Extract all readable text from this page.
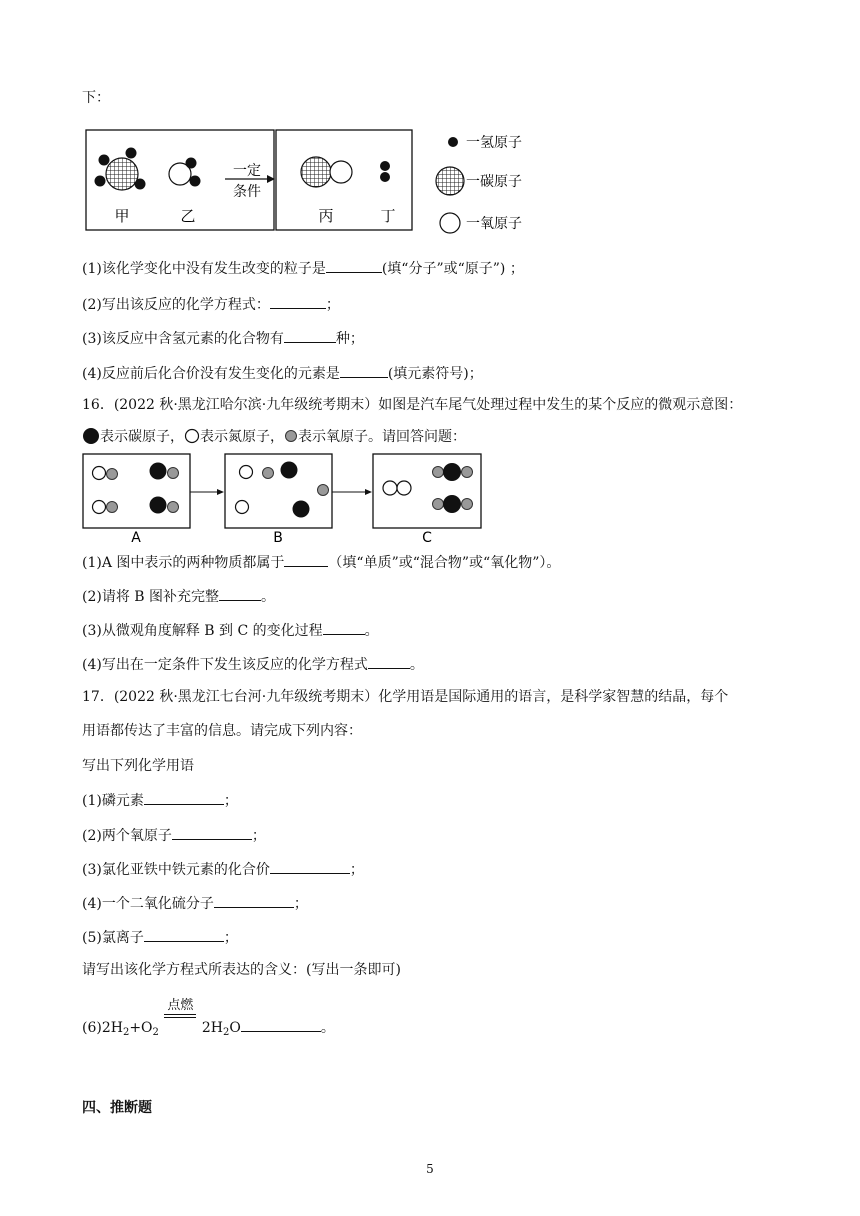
下：
甲	乙
一定
条件
丙	丁
一氢原子
一碳原子
一氧原子
(1)该化学变化中没有发生改变的粒子是	(填“分子”或“原子”) ；
(2)写出该反应的化学方程式：	；
(3)该反应中含氢元素的化合物有	种；
(4)反应前后化合价没有发生变化的元素是	(填元素符号)；
16．(2022 秋·黑龙江哈尔滨·九年级统考期末）如图是汽车尾气处理过程中发生的某个反应的微观示意图：
表示碳原子， 表示氮原子， 表示氧原子。请回答问题：
A	B	C
(1)A 图中表示的两种物质都属于	（填“单质”或“混合物”或“氧化物”）。
(2)请将 B 图补充完整	。
(3)从微观角度解释 B 到 C 的变化过程	。
(4)写出在一定条件下发生该反应的化学方程式	。
17．(2022 秋·黑龙江七台河·九年级统考期末）化学用语是国际通用的语言，是科学家智慧的结晶，每个
用语都传达了丰富的信息。请完成下列内容：
写出下列化学用语
(1)磷元素	；
(2)两个氧原子	；
(3)氯化亚铁中铁元素的化合价	；
(4)一个二氧化硫分子	；
(5)氯离子	；
请写出该化学方程式所表达的含义：(写出一条即可)
$(6)2H_2+O_2$
点燃
$2H_2O$	。
四、推断题
5
